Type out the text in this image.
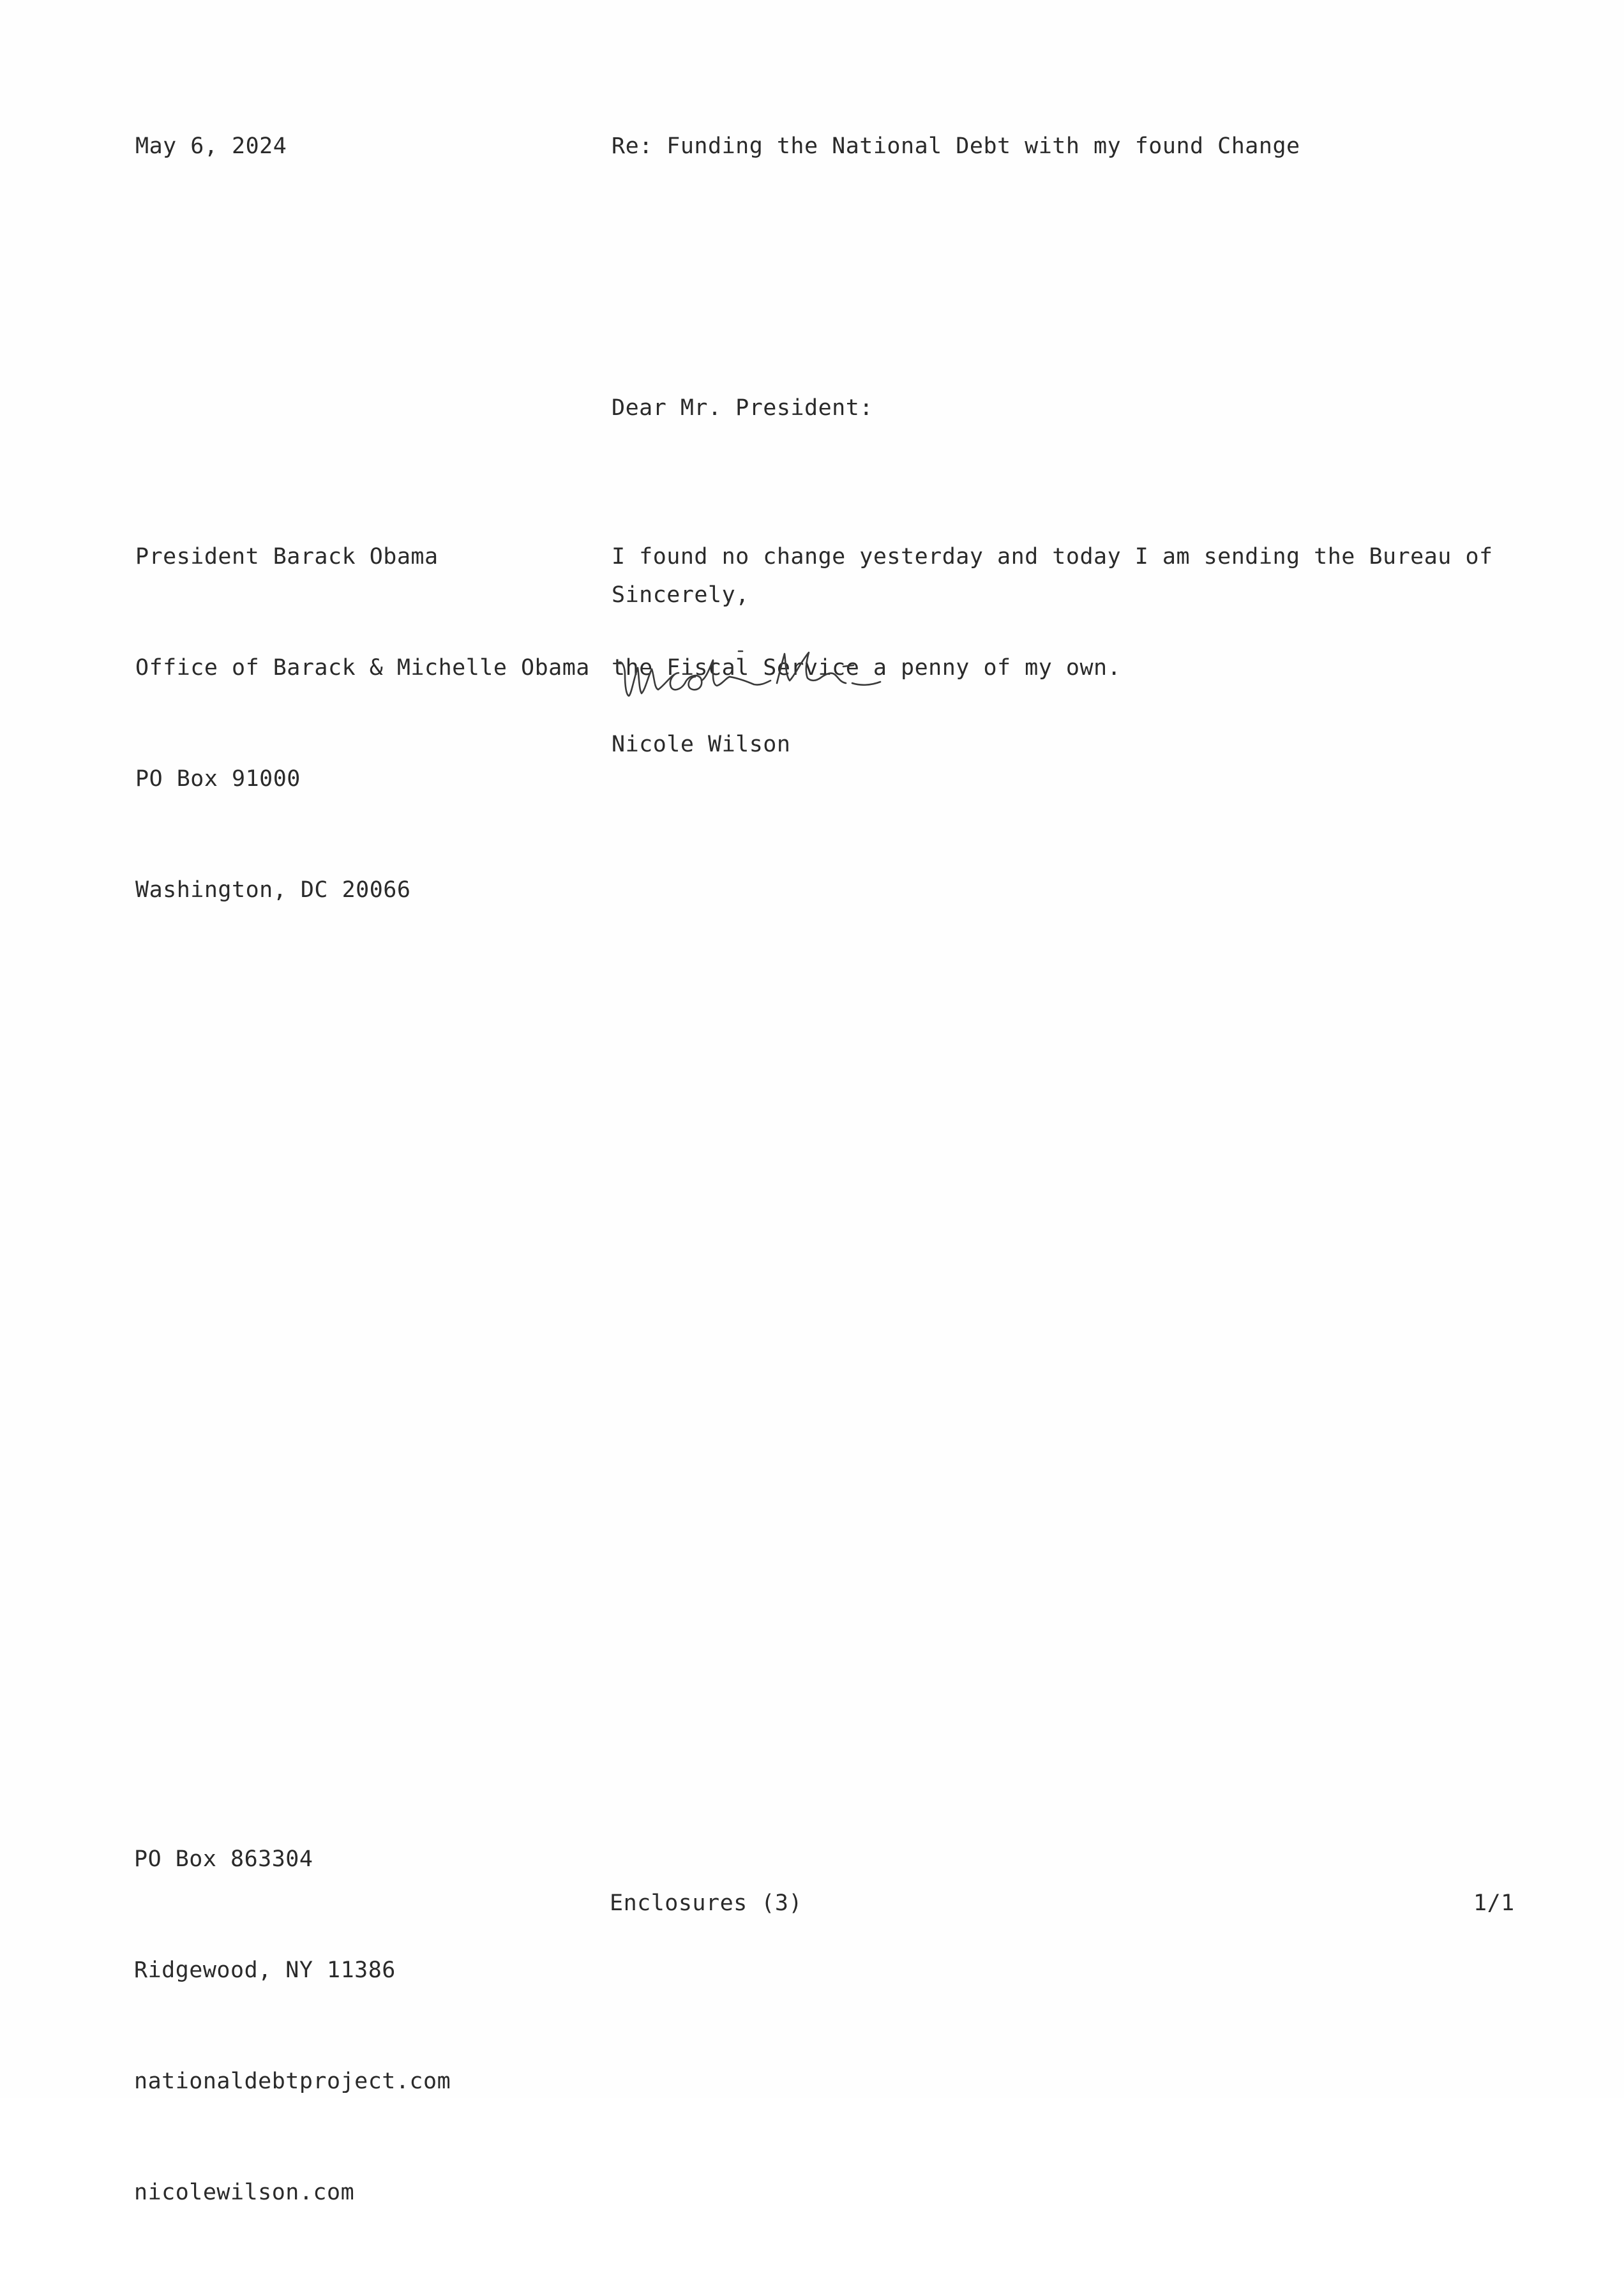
May 6, 2024	Re: Funding the National Debt with my found Change
Dear Mr. President:

President Barack Obama

Office of Barack & Michelle Obama

PO Box 91000

Washington, DC 20066

I found no change yesterday and today I am sending the Bureau of

the Fiscal Service a penny of my own.

Sincerely,
Nicole Wilson

PO Box 863304

Ridgewood, NY 11386

nationaldebtproject.com

nicolewilson.com

Enclosures (3)	1/1
